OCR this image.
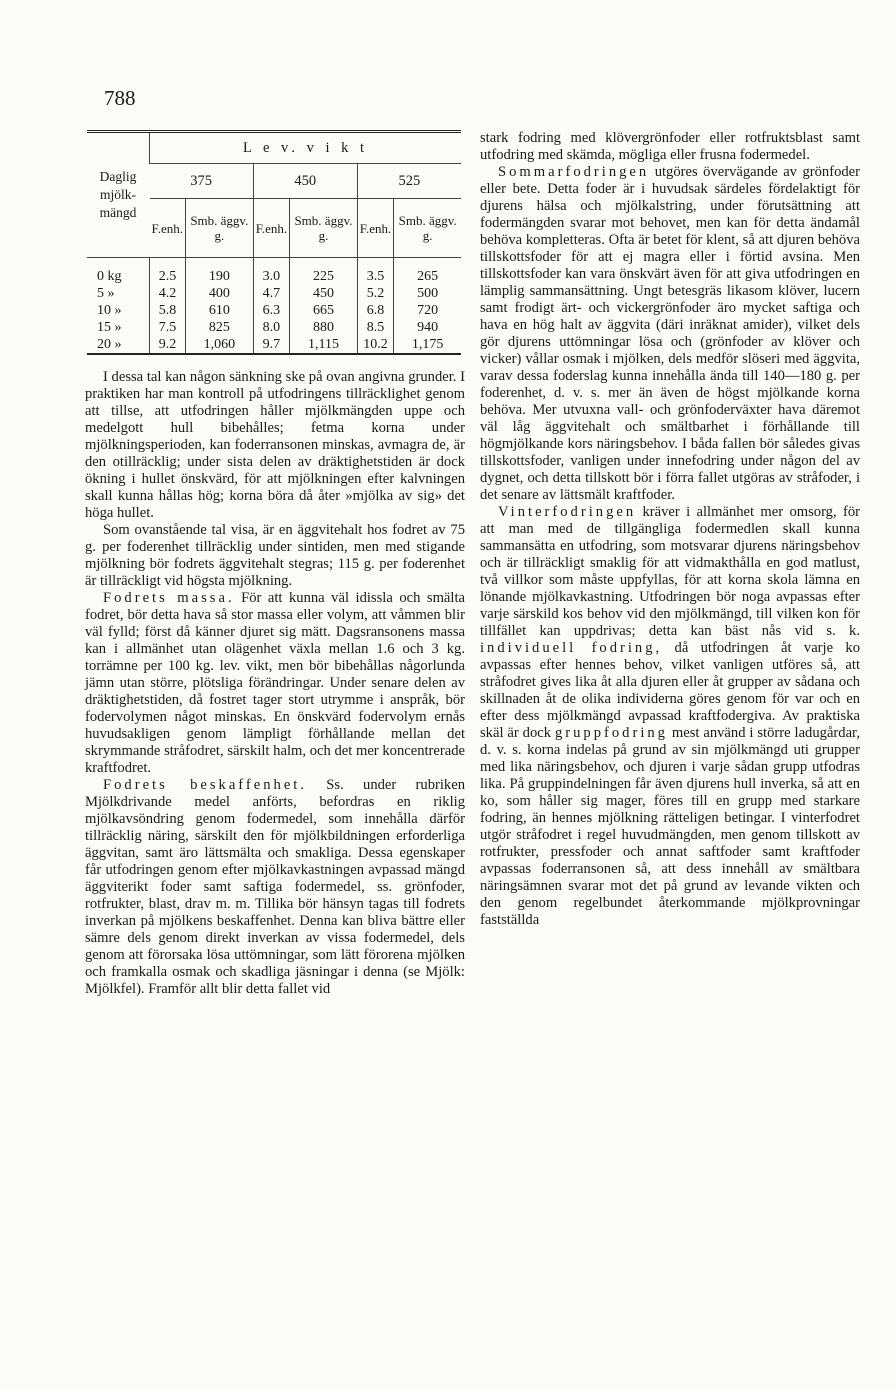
788
Daglig mjölk- mängd	L e v. v i k t					
	375		450		525	
	F.enh.	Smb. äggv. g.	F.enh.	Smb. äggv. g.	F.enh.	Smb. äggv. g.

0 kg	2.5	190	3.0	225	3.5	265
5 »	4.2	400	4.7	450	5.2	500
10 »	5.8	610	6.3	665	6.8	720
15 »	7.5	825	8.0	880	8.5	940
20 »	9.2	1,060	9.7	1,115	10.2	1,175

I dessa tal kan någon sänkning ske på ovan angivna grunder. I praktiken har man kontroll på utfodringens tillräcklighet genom att tillse, att utfodringen håller mjölkmängden uppe och medelgott hull bibehålles; fetma korna under mjölkningsperioden, kan foderransonen minskas, avmagra de, är den otillräcklig; under sista delen av dräktighetstiden är dock ökning i hullet önskvärd, för att mjölkningen efter kalvningen skall kunna hållas hög; korna böra då åter »mjölka av sig» det höga hullet.

Som ovanstående tal visa, är en äggvitehalt hos fodret av 75 g. per foderenhet tillräcklig under sintiden, men med stigande mjölkning bör fodrets äggvitehalt stegras; 115 g. per foderenhet är tillräckligt vid högsta mjölkning.

Fodrets massa. För att kunna väl idissla och smälta fodret, bör detta hava så stor massa eller volym, att våmmen blir väl fylld; först då känner djuret sig mätt. Dagsransonens massa kan i allmänhet utan olägenhet växla mellan 1.6 och 3 kg. torrämne per 100 kg. lev. vikt, men bör bibehållas någorlunda jämn utan större, plötsliga förändringar. Under senare delen av dräktighetstiden, då fostret tager stort utrymme i anspråk, bör fodervolymen något minskas. En önskvärd fodervolym ernås huvudsakligen genom lämpligt förhållande mellan det skrymmande stråfodret, särskilt halm, och det mer koncentrerade kraftfodret.

Fodrets beskaffenhet. Ss. under rubriken Mjölkdrivande medel anförts, befordras en riklig mjölkavsöndring genom fodermedel, som innehålla därför tillräcklig näring, särskilt den för mjölkbildningen erforderliga äggvitan, samt äro lättsmälta och smakliga. Dessa egenskaper får utfodringen genom efter mjölkavkastningen avpassad mängd äggviterikt foder samt saftiga fodermedel, ss. grönfoder, rotfrukter, blast, drav m. m. Tillika bör hänsyn tagas till fodrets inverkan på mjölkens beskaffenhet. Denna kan bliva bättre eller sämre dels genom direkt inverkan av vissa fodermedel, dels genom att förorsaka lösa uttömningar, som lätt förorena mjölken och framkalla osmak och skadliga jäsningar i denna (se Mjölk: Mjölkfel). Framför allt blir detta fallet vid

stark fodring med klövergrönfoder eller rotfruktsblast samt utfodring med skämda, mögliga eller frusna fodermedel.

Sommarfodringen utgöres övervägande av grönfoder eller bete. Detta foder är i huvudsak särdeles fördelaktigt för djurens hälsa och mjölkalstring, under förutsättning att fodermängden svarar mot behovet, men kan för detta ändamål behöva kompletteras. Ofta är betet för klent, så att djuren behöva tillskottsfoder för att ej magra eller i förtid avsina. Men tillskottsfoder kan vara önskvärt även för att giva utfodringen en lämplig sammansättning. Ungt betesgräs likasom klöver, lucern samt frodigt ärt- och vickergrönfoder äro mycket saftiga och hava en hög halt av äggvita (däri inräknat amider), vilket dels gör djurens uttömningar lösa och (grönfoder av klöver och vicker) vållar osmak i mjölken, dels medför slöseri med äggvita, varav dessa foderslag kunna innehålla ända till 140—180 g. per foderenhet, d. v. s. mer än även de högst mjölkande korna behöva. Mer utvuxna vall- och grönfoderväxter hava däremot väl låg äggvitehalt och smältbarhet i förhållande till högmjölkande kors näringsbehov. I båda fallen bör således givas tillskottsfoder, vanligen under innefodring under någon del av dygnet, och detta tillskott bör i förra fallet utgöras av stråfoder, i det senare av lättsmält kraftfoder.

Vinterfodringen kräver i allmänhet mer omsorg, för att man med de tillgängliga fodermedlen skall kunna sammansätta en utfodring, som motsvarar djurens näringsbehov och är tillräckligt smaklig för att vidmakthålla en god matlust, två villkor som måste uppfyllas, för att korna skola lämna en lönande mjölkavkastning. Utfodringen bör noga avpassas efter varje särskild kos behov vid den mjölkmängd, till vilken kon för tillfället kan uppdrivas; detta kan bäst nås vid s. k. individuell fodring, då utfodringen åt varje ko avpassas efter hennes behov, vilket vanligen utföres så, att stråfodret gives lika åt alla djuren eller åt grupper av sådana och skillnaden åt de olika individerna göres genom för var och en efter dess mjölkmängd avpassad kraftfodergiva. Av praktiska skäl är dock gruppfodring mest använd i större ladugårdar, d. v. s. korna indelas på grund av sin mjölkmängd uti grupper med lika näringsbehov, och djuren i varje sådan grupp utfodras lika. På gruppindelningen får även djurens hull inverka, så att en ko, som håller sig mager, föres till en grupp med starkare fodring, än hennes mjölkning rätteligen betingar. I vinterfodret utgör stråfodret i regel huvudmängden, men genom tillskott av rotfrukter, pressfoder och annat saftfoder samt kraftfoder avpassas foderransonen så, att dess innehåll av smältbara näringsämnen svarar mot det på grund av levande vikten och den genom regelbundet återkommande mjölkprovningar fastställda
